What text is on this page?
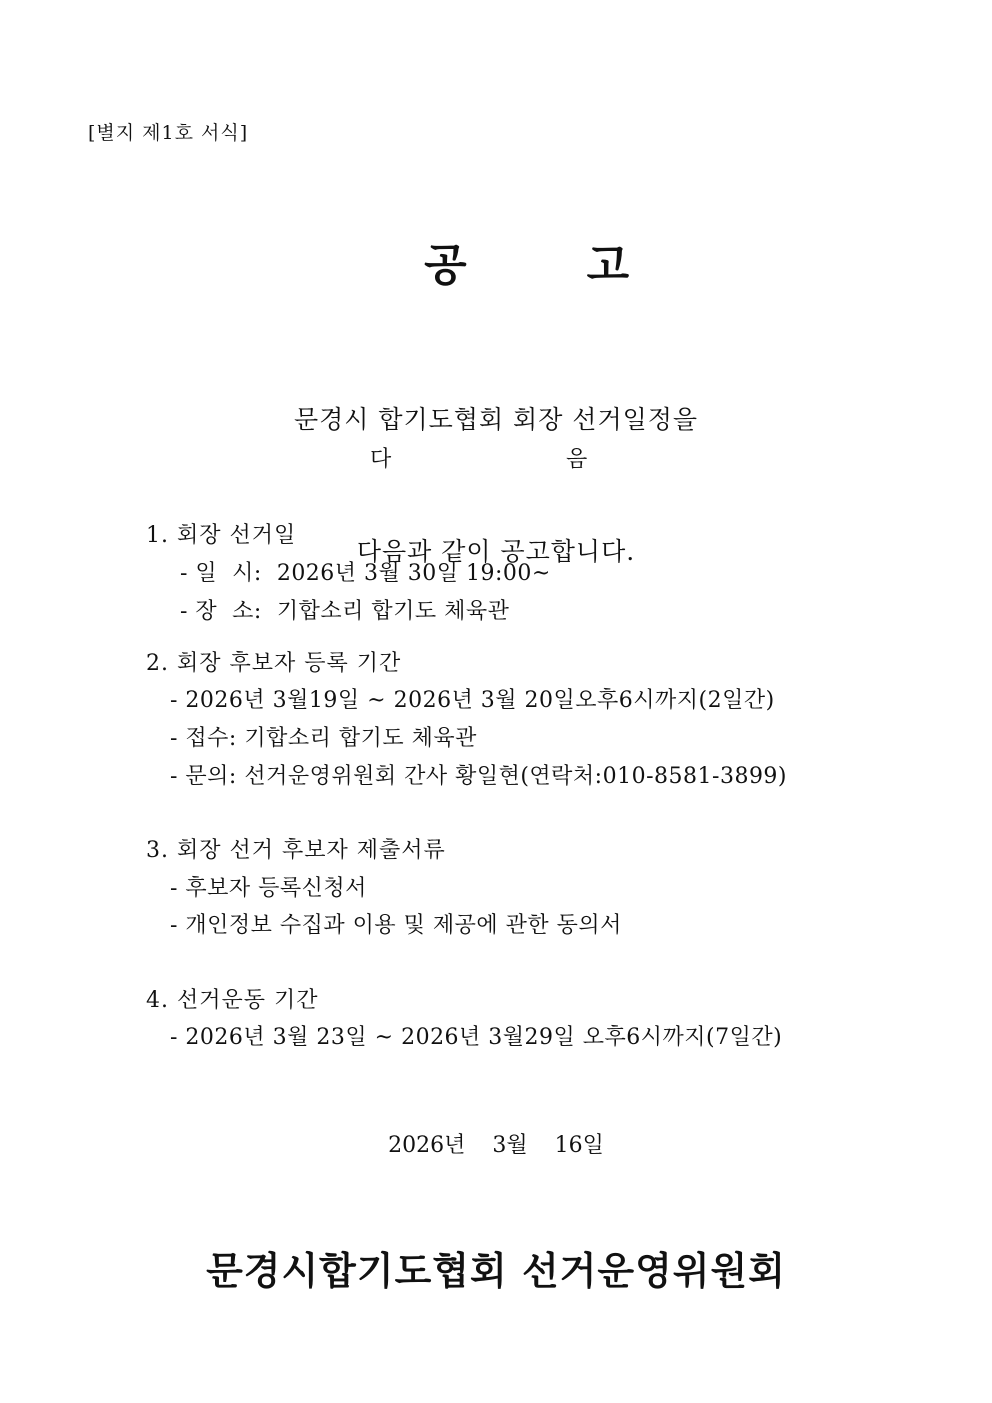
[별지 제1호 서식]

공	고

문경시 합기도협회 회장 선거일정을

다음과 같이 공고합니다.

다	음
1. 회장 선거일
- 일  시:  2026년 3월 30일 19:00~
- 장  소:  기합소리 합기도 체육관
2. 회장 후보자 등록 기간
- 2026년 3월19일 ~ 2026년 3월 20일오후6시까지(2일간)
- 접수: 기합소리 합기도 체육관
- 문의: 선거운영위원회 간사 황일현(연락처:010-8581-3899)
3. 회장 선거 후보자 제출서류
- 후보자 등록신청서
- 개인정보 수집과 이용 및 제공에 관한 동의서
4. 선거운동 기간
- 2026년 3월 23일 ~ 2026년 3월29일 오후6시까지(7일간)
2026년 3월 16일
문경시합기도협회 선거운영위원회
